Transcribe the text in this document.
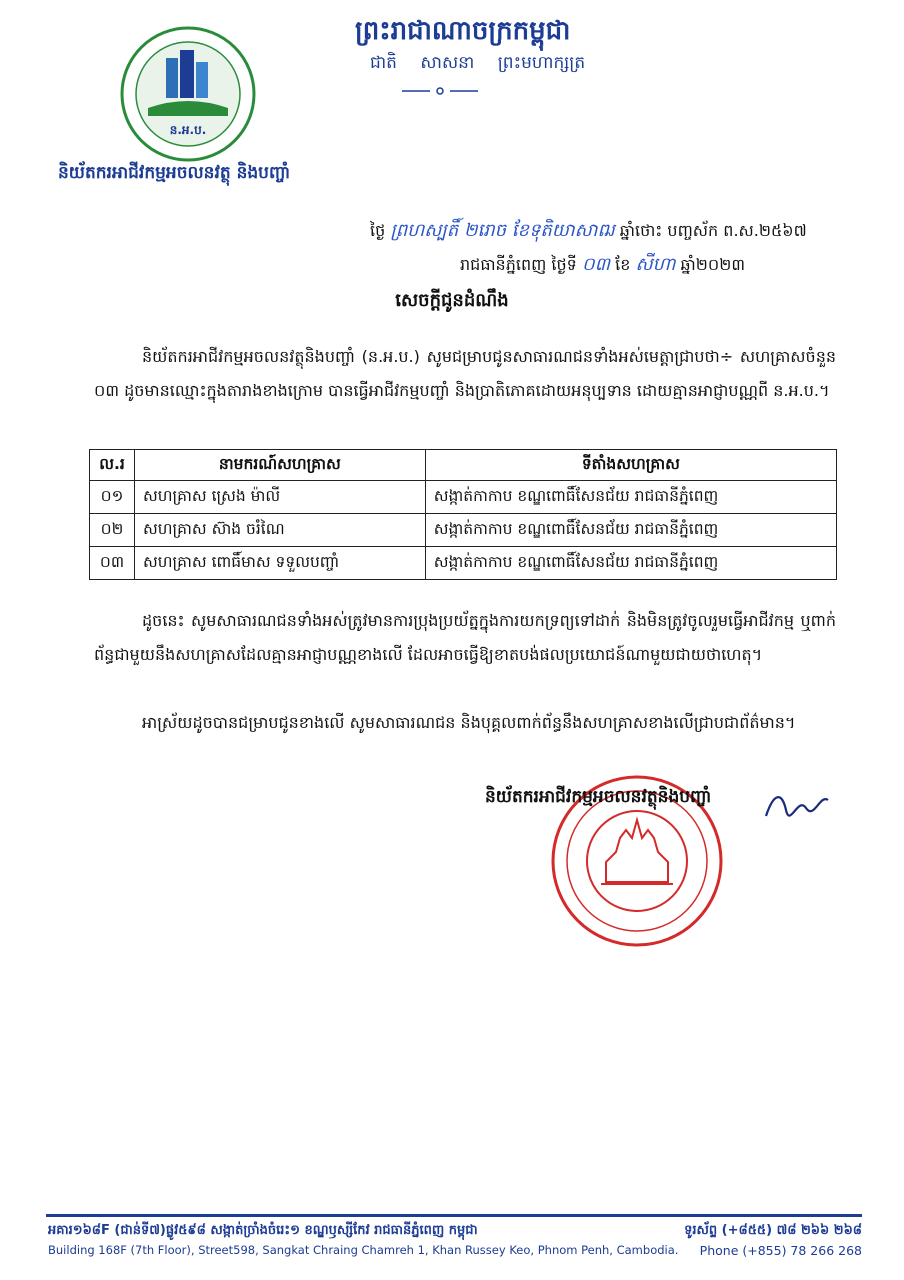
ន.អ.ប.
ព្រះរាជាណាចក្រកម្ពុជា
ជាតិ សាសនា ព្រះមហាក្សត្រ
និយ័តករអាជីវកម្មអចលនវត្ថុ និងបញ្ចាំ
ថ្ងៃ ព្រហស្បតិ៍ ២រោច ខែទុតិយាសាឍ ឆ្នាំថោះ បញ្ចស័ក ព.ស.២៥៦៧
រាជធានីភ្នំពេញ ថ្ងៃទី ០៣ ខែ សីហា ឆ្នាំ២០២៣
សេចក្ដីជូនដំណឹង
និយ័តករអាជីវកម្មអចលនវត្ថុនិងបញ្ចាំ (ន.អ.ប.) សូមជម្រាបជូនសាធារណជនទាំងអស់មេត្តាជ្រាបថា÷ សហគ្រាសចំនួន ០៣ ដូចមានឈ្មោះក្នុងតារាងខាងក្រោម បានធ្វើអាជីវកម្មបញ្ចាំ និងប្រាតិភោគដោយអនុប្បទាន ដោយគ្មានអាជ្ញាបណ្ណពី ន.អ.ប.។
ល.រ	នាមករណ៍សហគ្រាស	ទីតាំងសហគ្រាស
០១	សហគ្រាស ស្រេង ម៉ាលី	សង្កាត់កាកាប ខណ្ឌពោធិ៍សែនជ័យ រាជធានីភ្នំពេញ
០២	សហគ្រាស ស៊ាង ចរំណៃ	សង្កាត់កាកាប ខណ្ឌពោធិ៍សែនជ័យ រាជធានីភ្នំពេញ
០៣	សហគ្រាស ពោធិ៍មាស ទទួលបញ្ចាំ	សង្កាត់កាកាប ខណ្ឌពោធិ៍សែនជ័យ រាជធានីភ្នំពេញ
ដូចនេះ សូមសាធារណជនទាំងអស់ត្រូវមានការប្រុងប្រយ័ត្នក្នុងការយកទ្រព្យទៅដាក់ និងមិនត្រូវចូលរួមធ្វើអាជីវកម្ម ឬពាក់ព័ន្ធជាមួយនឹងសហគ្រាសដែលគ្មានអាជ្ញាបណ្ណខាងលើ ដែលអាចធ្វើឱ្យខាតបង់ផលប្រយោជន៍ណាមួយជាយថាហេតុ។
អាស្រ័យដូចបានជម្រាបជូនខាងលើ សូមសាធារណជន និងបុគ្គលពាក់ព័ន្ធនឹងសហគ្រាសខាងលើជ្រាបជាព័ត៌មាន។
និយ័តករអាជីវកម្មអចលនវត្ថុនិងបញ្ចាំ
អគារ១៦៨F (ជាន់ទី៧)ផ្លូវ៥៩៨ សង្កាត់ច្រាំងចំរេះ១ ខណ្ឌឫស្សីកែវ រាជធានីភ្នំពេញ កម្ពុជា
Building 168F (7th Floor), Street598, Sangkat Chraing Chamreh 1, Khan Russey Keo, Phnom Penh, Cambodia.
ទូរស័ព្ទ (+៨៥៥) ៧៨ ២៦៦ ២៦៨
Phone (+855) 78 266 268
